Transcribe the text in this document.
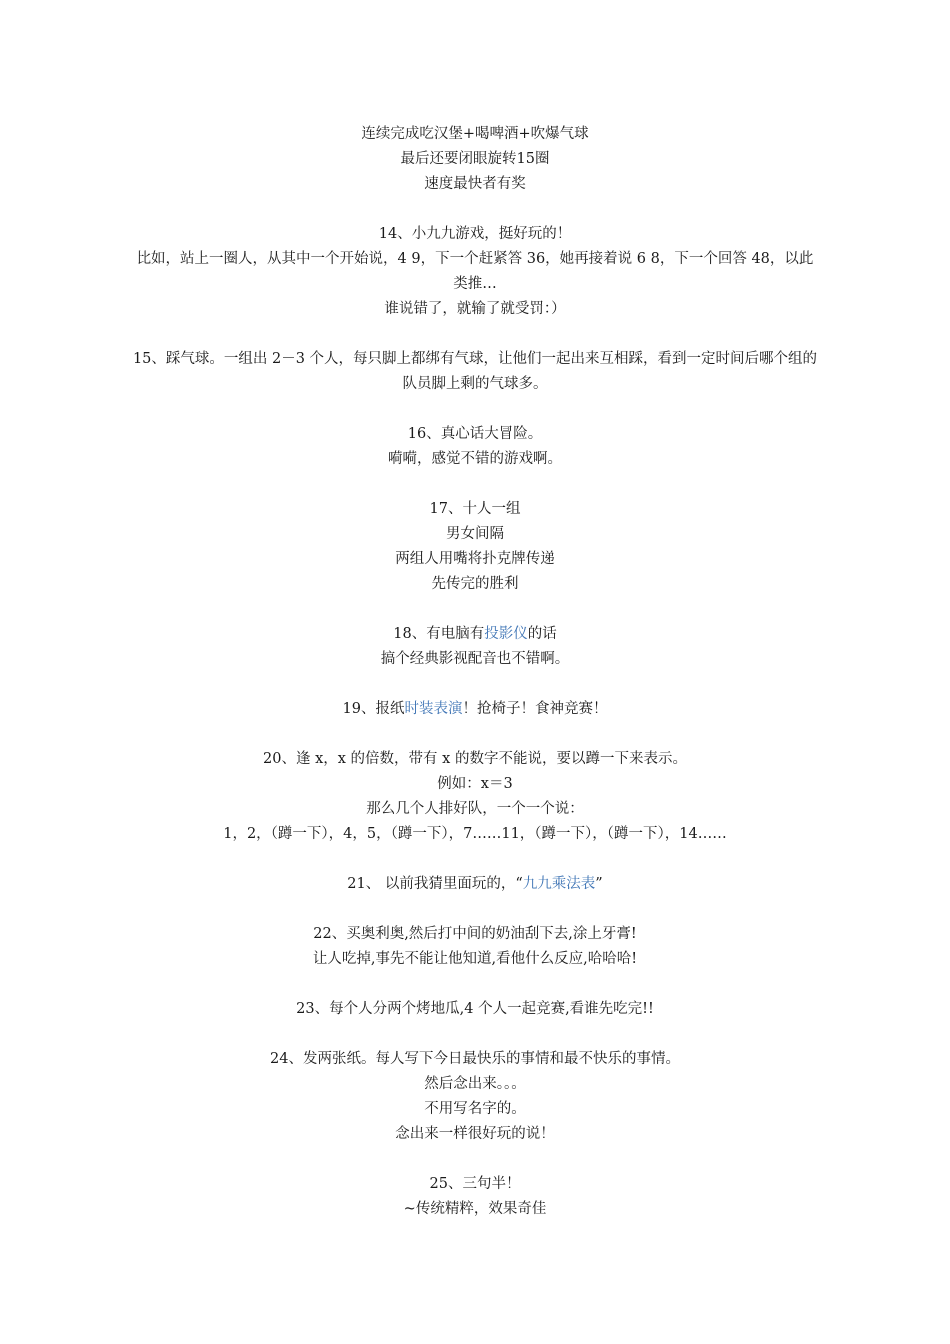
连续完成吃汉堡+喝啤酒+吹爆气球
最后还要闭眼旋转15圈
速度最快者有奖
14、小九九游戏，挺好玩的！
比如，站上一圈人，从其中一个开始说，4 9，下一个赶紧答 36，她再接着说 6 8，下一个回答 48，以此类推…
谁说错了，就输了就受罚：）
15、踩气球。一组出 2－3 个人，每只脚上都绑有气球，让他们一起出来互相踩，看到一定时间后哪个组的队员脚上剩的气球多。
16、真心话大冒险。
嗬嗬，感觉不错的游戏啊。
17、十人一组
男女间隔
两组人用嘴将扑克牌传递
先传完的胜利
18、有电脑有投影仪的话
搞个经典影视配音也不错啊。
19、报纸时装表演！抢椅子！食神竞赛！
20、逢 x，x 的倍数，带有 x 的数字不能说，要以蹲一下来表示。
例如：x＝3
那么几个人排好队，一个一个说：
1，2，（蹲一下），4，5，（蹲一下），7……11，（蹲一下），（蹲一下），14……
21、 以前我猜里面玩的，“九九乘法表”
22、买奥利奥,然后打中间的奶油刮下去,涂上牙膏!
让人吃掉,事先不能让他知道,看他什么反应,哈哈哈!
23、每个人分两个烤地瓜,4 个人一起竞赛,看谁先吃完!!
24、发两张纸。每人写下今日最快乐的事情和最不快乐的事情。
然后念出来。。。
不用写名字的。
念出来一样很好玩的说！
25、三句半！
~传统精粹，效果奇佳
